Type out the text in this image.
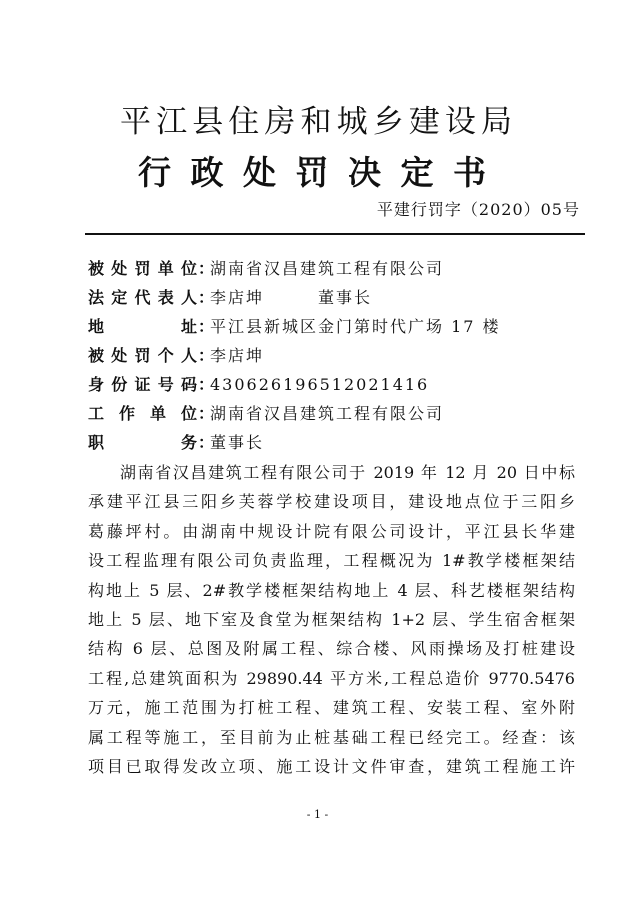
平江县住房和城乡建设局
行政处罚决定书
平建行罚字（2020）05号
被处罚单位 ：
湖南省汉昌建筑工程有限公司
法定代表人 ：
李店坤　　　董事长
地址 ：
平江县新城区金门第时代广场 17 楼
被处罚个人 ：
李店坤
身份证号码 ：
430626196512021416
工作单位 ：
湖南省汉昌建筑工程有限公司
职务 ：
董事长
湖南省汉昌建筑工程有限公司于 2019 年 12 月 20 日中标
承建平江县三阳乡芙蓉学校建设项目，建设地点位于三阳乡
葛藤坪村。由湖南中规设计院有限公司设计，平江县长华建
设工程监理有限公司负责监理，工程概况为 1#教学楼框架结
构地上 5 层、2#教学楼框架结构地上 4 层、科艺楼框架结构
地上 5 层、地下室及食堂为框架结构 1+2 层、学生宿舍框架
结构 6 层、总图及附属工程、综合楼、风雨操场及打桩建设
工程,总建筑面积为 29890.44 平方米,工程总造价 9770.5476
万元，施工范围为打桩工程、建筑工程、安装工程、室外附
属工程等施工，至目前为止桩基础工程已经完工。经查：该
项目已取得发改立项、施工设计文件审查，建筑工程施工许
- 1 -
